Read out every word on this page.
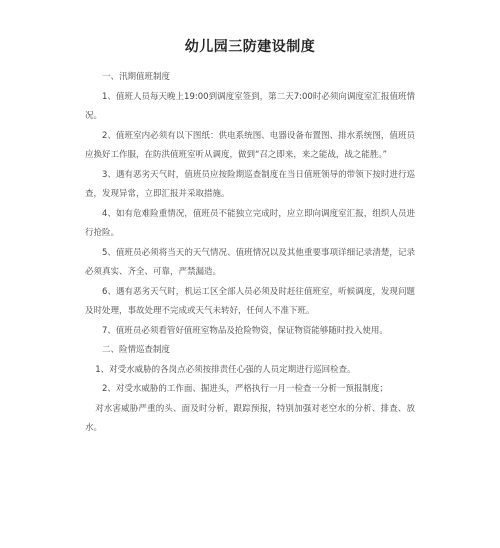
幼儿园三防建设制度

一、汛期值班制度

1、值班人员每天晚上19:00到调度室签到，第二天7:00时必须向调度室汇报值班情况。

2、值班室内必须有以下图纸：供电系统图、电器设备布置图、排水系统图，值班员应换好工作服，在防洪值班室听从调度，做到“召之即来，来之能战，战之能胜。”

3、遇有恶劣天气时，值班员应按险期巡查制度在当日值班领导的带领下按时进行巡查，发现异常，立即汇报并采取措施。

4、如有危难险重情况，值班员不能独立完成时，应立即向调度室汇报，组织人员进行抢险。

5、值班员必须将当天的天气情况、值班情况以及其他重要事项详细记录清楚，记录必须真实、齐全、可靠，严禁漏造。

6、遇有恶劣天气时，机运工区全部人员必须及时赶往值班室，听候调度，发现问题及时处理，事故处理不完成或天气未转好，任何人不准下班。

7、值班员必须看管好值班室物品及抢险物资，保证物资能够随时投入使用。

二、险情巡查制度

1、对受水威胁的各岗点必须按排责任心强的人员定期进行巡回检查。

2、对受水威胁的工作面、掘进头，严格执行一月一检查一分析一预报制度；

对水害威胁严重的头、面及时分析，跟踪预报，特别加强对老空水的分析、排查、放水。
